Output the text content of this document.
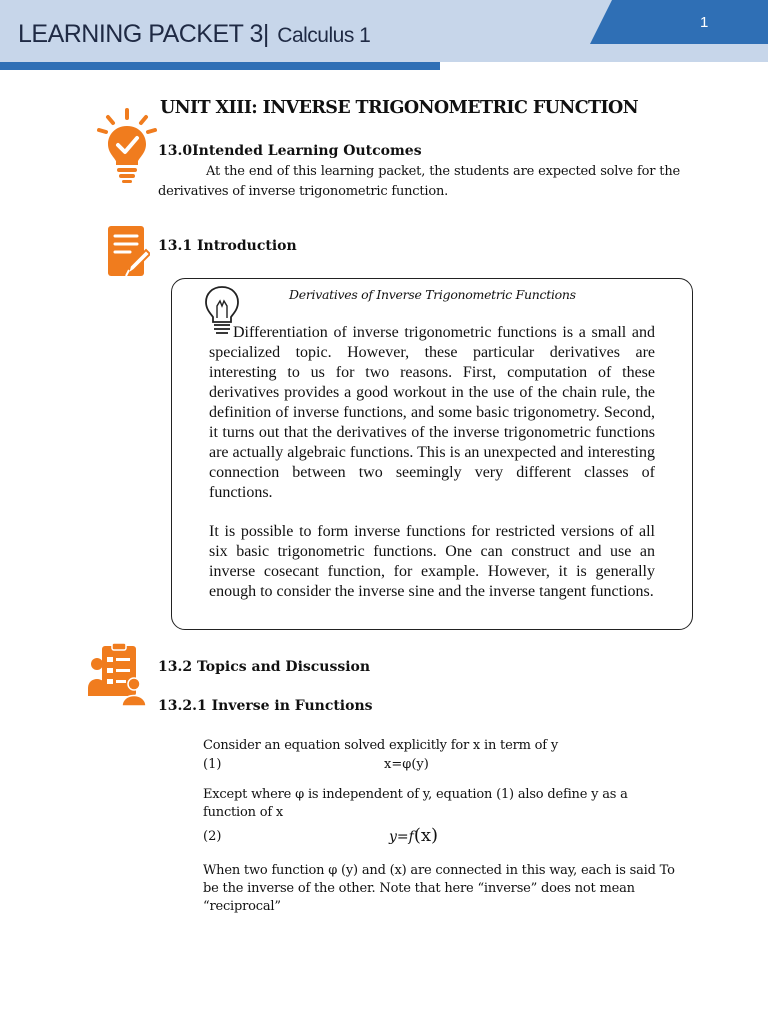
LEARNING PACKET 3| Calculus 1
1
UNIT XIII: INVERSE TRIGONOMETRIC FUNCTION
13.0Intended Learning Outcomes

At the end of this learning packet, the students are expected solve for the derivatives of inverse trigonometric function.

13.1 Introduction
Derivatives of Inverse Trigonometric Functions

Differentiation of inverse trigonometric functions is a small and specialized topic. However, these particular derivatives are interesting to us for two reasons. First, computation of these derivatives provides a good workout in the use of the chain rule, the definition of inverse functions, and some basic trigonometry. Second, it turns out that the derivatives of the inverse trigonometric functions are actually algebraic functions. This is an unexpected and interesting connection between two seemingly very different classes of functions.

It is possible to form inverse functions for restricted versions of all six basic trigonometric functions. One can construct and use an inverse cosecant function, for example. However, it is generally enough to consider the inverse sine and the inverse tangent functions.

13.2 Topics and Discussion
13.2.1 Inverse in Functions

Consider an equation solved explicitly for x in term of y

(1)	x=φ(y)

Except where φ is independent of y, equation (1) also define y as a function of x

(2)	y=f(x)

When two function φ (y) and (x) are connected in this way, each is said To be the inverse of the other. Note that here “inverse” does not mean “reciprocal”
